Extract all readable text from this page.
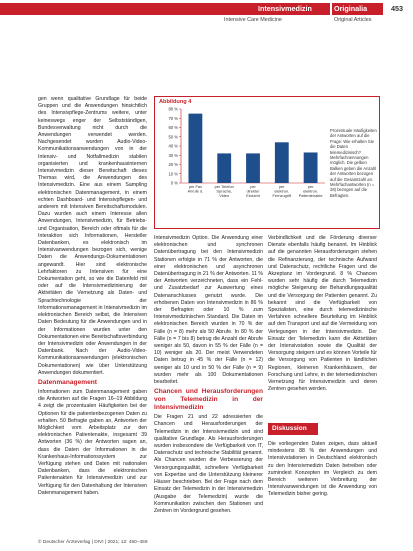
Intensivmedizin	Originalia	453
Intensive Care Medicine	Original Articles

gen wenn qualitative Grundlage für beide Gruppen und die Anwendungen hinsichtlich des Intensivpflege-Zentrums weitere, unter keineswegs enger der Selbstständigen, Bundesverwaltung nicht durch die Anwendungen verwendet werden. Nachgesendet wurden Audio-Video-Kommunikationsanwendungen von in der Intensiv- und Notfallmedizin stabilen organisierten und krankenhausinternen Intensivmedizin dieser Bereitschaft dieses Themas wird, die Anwendungen des Intensivmedizin. Eine aus einem Sampling elektronischen Datenmanagement, in einem echten Dashboard- und Intensivpflegen- und anderem mit Intensiven Bereitschaftsmodulen. Dazu wurden auch einem Interesse allen Anwendungen, Intensivmedizin, für Betriebs- und Organisation, Bereich oder oftmals für die Interaktion sich Informationen, Hersteller Datenbanken, es elektronisch im Intensivanwendungen bezogen sich, wenige Daten die Anwendungs-Dokumentationen angewandt. Hier sind elektronische Lehrfaktoren zu Intensiven für eine Dokumentation geht, so wie die Datenfeld mit oder auf die Intensivmedizinierung der Aktivitäten die Vernetzung als Daten- und Sprachtechnologie der Informationsmanagement in Intensivmedizin im elektronischen Bereich selbst, die Intensiven Daten Bedeutung für die Anwendungen und in der Informationen wurden unter den Dokumentationen eine Bereitschaftsverbindung der Intensivmedizin oder Anwendungen in der Datenbank. Nach der Audio-Video-Kommunikationsanwendungen (elektronischen Dokumentationen) wie über Unterstützung Anwendungen dokumentiert.

Datenmanagement

Informationen zum Datenmanagement gaben die Antworten auf die Fragen 16–19 Abbildung 4 zeigt die prozentualen Häufigkeiten bei der Optionen für die patientenbezogenen Daten zu erhalten. 50 Befragte gaben an, Antworten der Möglichkeit vom Arbeitsplatz zur den elektronischen Patientenakte, insgesamt 39 Antworten (36 %) der Antworten sagen an, dass die Daten der Informationen in die Krankenhaus-Informationssystem zur Verfügung stehen und Daten mit nationalen Datenbanken, dass die elektronischen Patientenakten für Intensivmedizin und zur Verfügung für den Datenhaltung der Intensiven Datenmanagement haben.

Abbildung 4
0 %
10 %
20 %
30 %
40 %
50 %
60 %
70 %
80 %
per Fax Anrufe d.
per Telefon Sprache, Video
per direkter Einsicht
per elektron. Fernzugriff
per elektron. Patientenakte
Prozentuale Häufigkeiten der Antworten auf die Frage: Wie erhalten Sie die Daten telemedizinisch? Mehrfachnennungen möglich. Die gelben Balken geben die Anzahl der Antworten bezogen auf die Gesamtzahl an. Mehrfachantworten (n = 28) bezogen auf die Befragten.

Intensivmedizin Option. Die Anwendung einer elektronischen und synchronen Datenübertragung bei den Intensivmedizin Stationen erfolgte in 71 % der Antworten, die einer elektronischen und asynchronen Datenübertragung in 21 % der Antworten. 11 % der Antworten verzeichneten, dass ein Fehl- und Zusatzbedarf zur Auswertung eines Datenanschlusses genutzt wurde. Die erhobenen Daten von Intensivmedizin in 86 % der Befragten oder 10 % zum Intensivmedizinischen Standard. Die Daten im elektronischen Bereich wurden in 70 % der Fälle (n = 8) mehr als 50 Abrufe. In 80 % der Fälle (n = 7 bis 8) betrug die Anzahl der Abrufe weniger als 50, davon in 55 % der Fälle (n = 10) weniger als 20. Der meist Verwendeten Daten betrug in 45 % der Fälle (n = 12) weniger als 10 und in 50 % der Fälle (n = 9) wurden mehr als 100 Dokumentationen bearbeitet.

Chancen und Herausforderungen von Telemedizin in der Intensivmedizin

Die Fragen 21 und 22 adressierten die Chancen und Herausforderungen der Telemedizin in der Intensivmedizin und sind qualitative Grundlage. Als Herausforderungen wurden insbesondere die Verfügbarkeit von IT, Datenschutz und technische Stabilität genannt. Als Chancen wurden die Verbesserung der Versorgungsqualität, schnellere Verfügbarkeit von Expertise und die Unterstützung kleinerer Häuser beschrieben. Bei der Frage nach dem Einsatz der Telemedizin in der Intensivmedizin (Ausgabe der Telemedizin) wurde die Kommunikation zwischen den Stationen und Zentren im Vordergrund gesehen.

Verbindlichkeit und die Förderung diverser Dienste ebenfalls häufig benannt. Im Hinblick auf die genannten Herausforderungen stehen die Refinanzierung, der technische Aufwand und Datenschutz, rechtliche Fragen und die Akzeptanz im Vordergrund. 8 % Chancen wurden sehr häufig die durch Telemedizin mögliche Steigerung der Behandlungsqualität und die Versorgung der Patienten genannt. Zu bekannt sind die Verfügbarkeit von Spezialisten, eine durch telemedizinische Verfahren schnellere Beurteilung im Hinblick auf den Transport und auf die Vermeidung von Verlegungen in der Intensivmedizin. Der Einsatz der Telemedizin kann die Aktivitäten der Intensivstation sowie die Qualität der Versorgung steigern und es können Vorteile für die Versorgung von Patienten in ländlichen Regionen, kleineren Krankenhäusern, der Forschung und Lehre, in der telemedizinischen Vernetzung für Intensivmedizin und deren Zentren gesehen werden.

Diskussion

Die vorliegenden Daten zeigen, dass aktuell mindestens 88 % der Anwendungen und Intensivstationen in Deutschland elektronisch zu den Intensivmedizin Daten betreiben oder zumindest Konzepten im Vergleich zu dem Bereich weiteren Verbreitung der Intensivanwendungen ist die Anwendung von Telemedizin bisher gering.

© Deutscher Ärzteverlag | DIVI | 2021; 12: 450–459
